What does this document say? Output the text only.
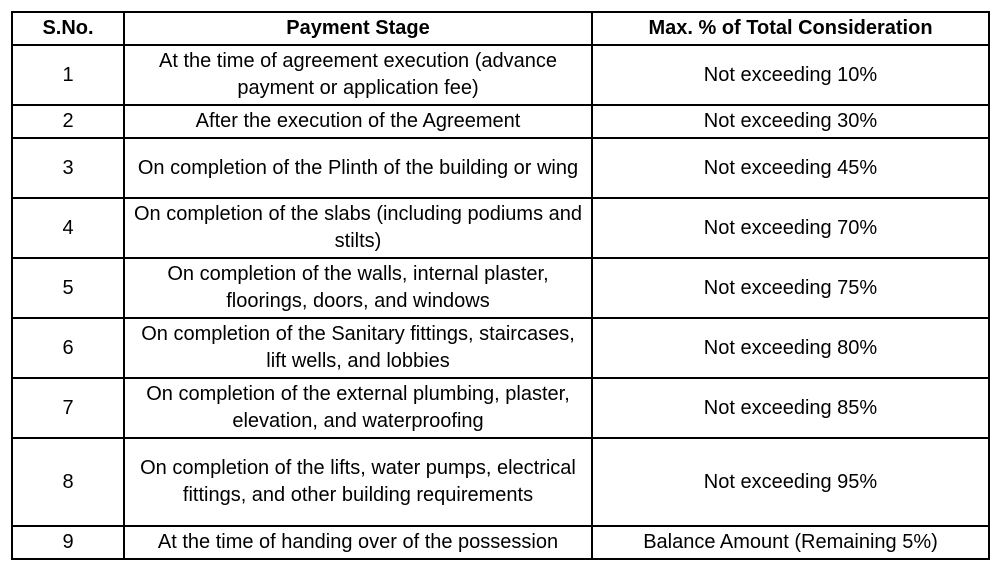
S.No.	Payment Stage	Max. % of Total Consideration
1	At the time of agreement execution (advance payment or application fee)	Not exceeding 10%
2	After the execution of the Agreement	Not exceeding 30%
3	On completion of the Plinth of the building or wing	Not exceeding 45%
4	On completion of the slabs (including podiums and stilts)	Not exceeding 70%
5	On completion of the walls, internal plaster, floorings, doors, and windows	Not exceeding 75%
6	On completion of the Sanitary fittings, staircases, lift wells, and lobbies	Not exceeding 80%
7	On completion of the external plumbing, plaster, elevation, and waterproofing	Not exceeding 85%
8	On completion of the lifts, water pumps, electrical fittings, and other building requirements	Not exceeding 95%
9	At the time of handing over of the possession	Balance Amount (Remaining 5%)
